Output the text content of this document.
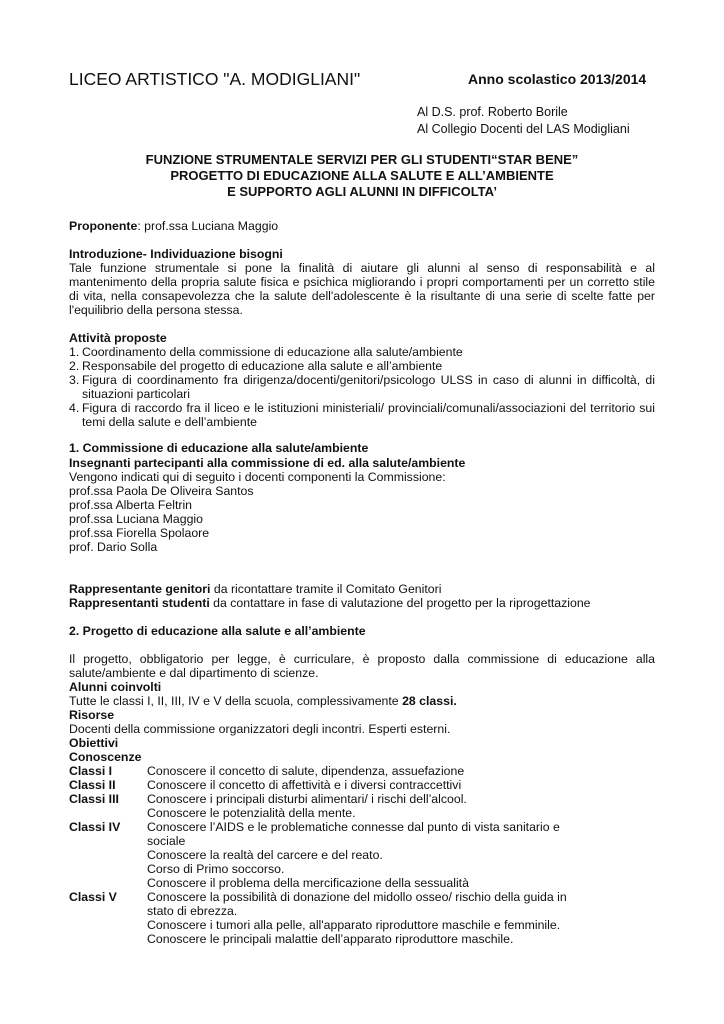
LICEO ARTISTICO "A. MODIGLIANI"	Anno scolastico 2013/2014
Al D.S. prof. Roberto Borile
Al Collegio Docenti del LAS Modigliani
FUNZIONE STRUMENTALE SERVIZI PER GLI STUDENTI“STAR BENE”
PROGETTO DI EDUCAZIONE ALLA SALUTE E ALL’AMBIENTE
E SUPPORTO AGLI ALUNNI IN DIFFICOLTA’
Proponente: prof.ssa Luciana Maggio
Introduzione- Individuazione bisogni
Tale funzione strumentale si pone la finalità di aiutare gli alunni al senso di responsabilità e al mantenimento della propria salute fisica e psichica migliorando i propri comportamenti per un corretto stile di vita, nella consapevolezza che la salute dell'adolescente è la risultante di una serie di scelte fatte per l'equilibrio della persona stessa.
Attività proposte
1. Coordinamento della commissione di educazione alla salute/ambiente
2. Responsabile del progetto di educazione alla salute e all’ambiente
3. Figura di coordinamento fra dirigenza/docenti/genitori/psicologo ULSS in caso di alunni in difficoltà, di situazioni particolari
4. Figura di raccordo fra il liceo e le istituzioni ministeriali/ provinciali/comunali/associazioni del territorio sui temi della salute e dell’ambiente
1. Commissione di educazione alla salute/ambiente
Insegnanti partecipanti alla commissione di ed. alla salute/ambiente
Vengono indicati qui di seguito i docenti componenti la Commissione:
prof.ssa Paola De Oliveira Santos
prof.ssa Alberta Feltrin
prof.ssa Luciana Maggio
prof.ssa Fiorella Spolaore
prof. Dario Solla
Rappresentante genitori da ricontattare tramite il Comitato Genitori
Rappresentanti studenti da contattare in fase di valutazione del progetto per la riprogettazione
2. Progetto di educazione alla salute e all’ambiente
Il progetto, obbligatorio per legge, è curriculare, è proposto dalla commissione di educazione alla salute/ambiente e dal dipartimento di scienze.
Alunni coinvolti
Tutte le classi I, II, III, IV e V della scuola, complessivamente 28 classi.
Risorse
Docenti della commissione organizzatori degli incontri. Esperti esterni.
Obiettivi
Conoscenze
Classi I	Conoscere il concetto di salute, dipendenza, assuefazione
Classi II	Conoscere il concetto di affettività e i diversi contraccettivi
Classi III	Conoscere i principali disturbi alimentari/ i rischi dell’alcool.
Conoscere le potenzialità della mente.
Classi IV	Conoscere l’AIDS e le problematiche connesse dal punto di vista sanitario e sociale
Conoscere la realtà del carcere e del reato.
Corso di Primo soccorso.
Conoscere il problema della mercificazione della sessualità
Classi V	Conoscere la possibilità di donazione del midollo osseo/ rischio della guida in stato di ebrezza.
Conoscere i tumori alla pelle, all'apparato riproduttore maschile e femminile.
Conoscere le principali malattie dell’apparato riproduttore maschile.
